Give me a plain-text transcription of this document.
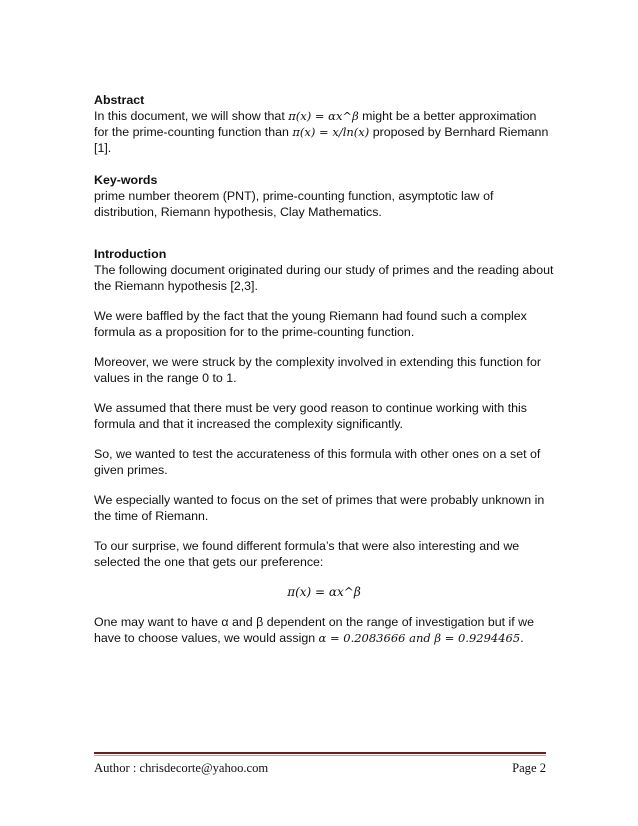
Abstract

In this document, we will show that π(x) = αx^β might be a better approximation for the prime-counting function than π(x) = x/ln(x) proposed by Bernhard Riemann [1].

Key-words

prime number theorem (PNT), prime-counting function, asymptotic law of distribution, Riemann hypothesis, Clay Mathematics.

Introduction

The following document originated during our study of primes and the reading about the Riemann hypothesis [2,3].

We were baffled by the fact that the young Riemann had found such a complex formula as a proposition for to the prime-counting function.

Moreover, we were struck by the complexity involved in extending this function for values in the range 0 to 1.

We assumed that there must be very good reason to continue working with this formula and that it increased the complexity significantly.

So, we wanted to test the accurateness of this formula with other ones on a set of given primes.

We especially wanted to focus on the set of primes that were probably unknown in the time of Riemann.

To our surprise, we found different formula’s that were also interesting and we selected the one that gets our preference:

π(x) = αx^β

One may want to have α and β dependent on the range of investigation but if we have to choose values, we would assign α = 0.2083666 and β = 0.9294465.

Author : chrisdecorte@yahoo.com	Page 2
